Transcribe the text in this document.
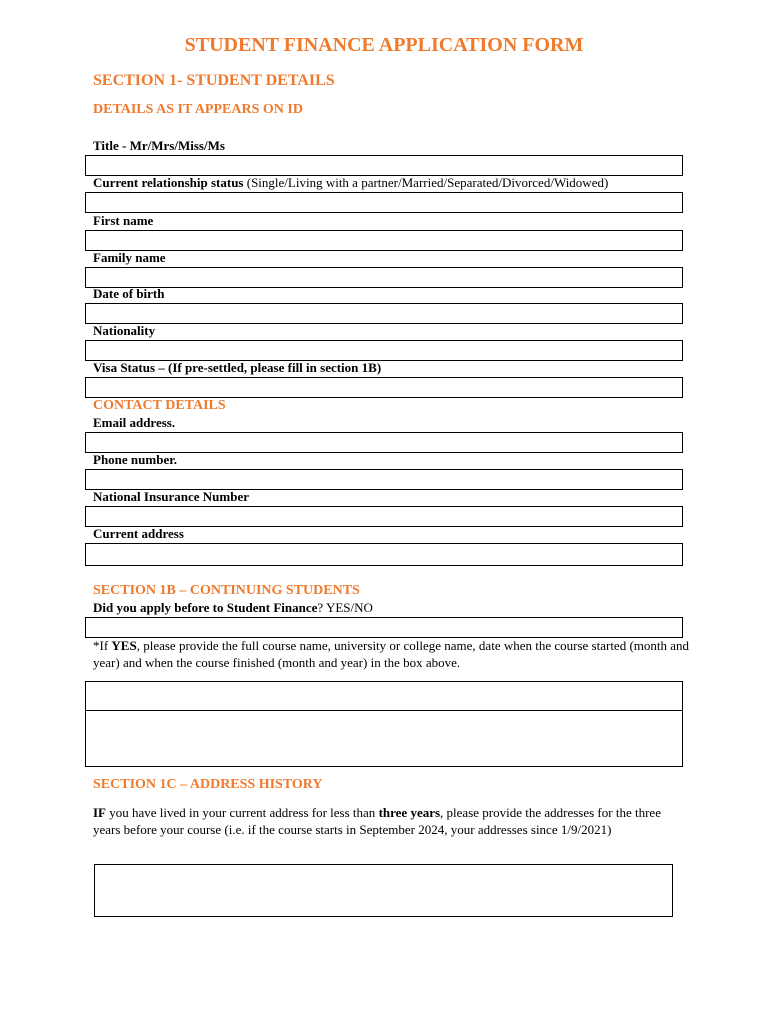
STUDENT FINANCE APPLICATION FORM
SECTION 1- STUDENT DETAILS
DETAILS AS IT APPEARS ON ID
Title - Mr/Mrs/Miss/Ms
Current relationship status (Single/Living with a partner/Married/Separated/Divorced/Widowed)
First name
Family name
Date of birth
Nationality
Visa Status – (If pre-settled, please fill in section 1B)
CONTACT DETAILS
Email address.
Phone number.
National Insurance Number
Current address
SECTION 1B – CONTINUING STUDENTS
Did you apply before to Student Finance? YES/NO
*If YES, please provide the full course name, university or college name, date when the course started (month and year) and when the course finished (month and year) in the box above.
SECTION 1C – ADDRESS HISTORY
IF you have lived in your current address for less than three years, please provide the addresses for the three years before your course (i.e. if the course starts in September 2024, your addresses since 1/9/2021)
